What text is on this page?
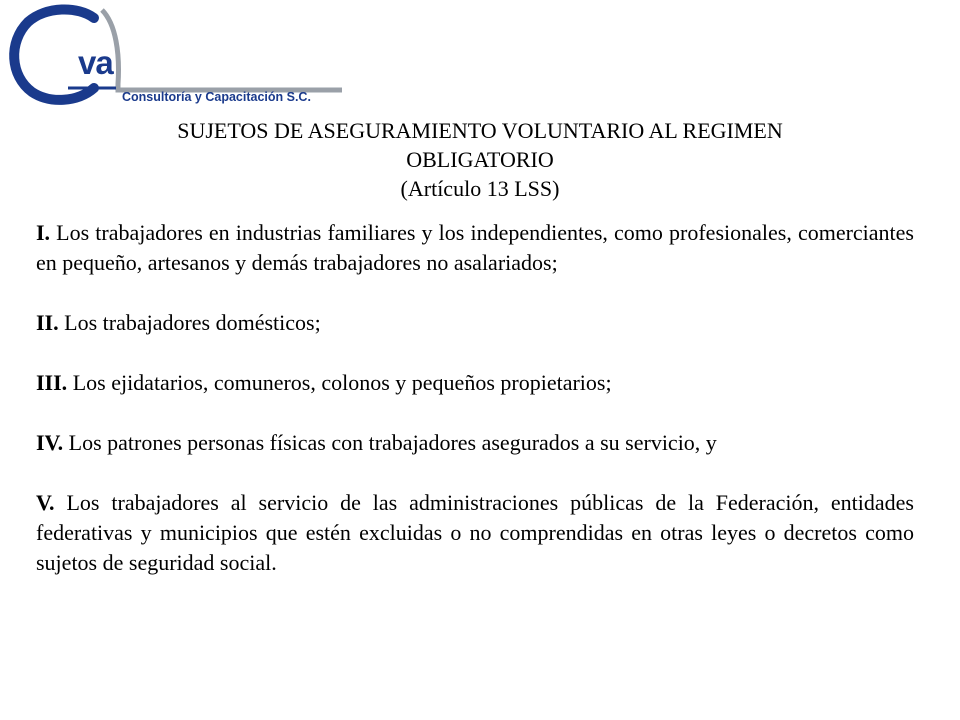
va
Consultoría y Capacitación S.C.
SUJETOS DE ASEGURAMIENTO VOLUNTARIO AL REGIMEN
OBLIGATORIO
(Artículo 13 LSS)

I. Los trabajadores en industrias familiares y los independientes, como profesionales, comerciantes en pequeño, artesanos y demás trabajadores no asalariados;

II. Los trabajadores domésticos;

III. Los ejidatarios, comuneros, colonos y pequeños propietarios;

IV. Los patrones personas físicas con trabajadores asegurados a su servicio, y

V. Los trabajadores al servicio de las administraciones públicas de la Federación, entidades federativas y municipios que estén excluidas o no comprendidas en otras leyes o decretos como sujetos de seguridad social.
